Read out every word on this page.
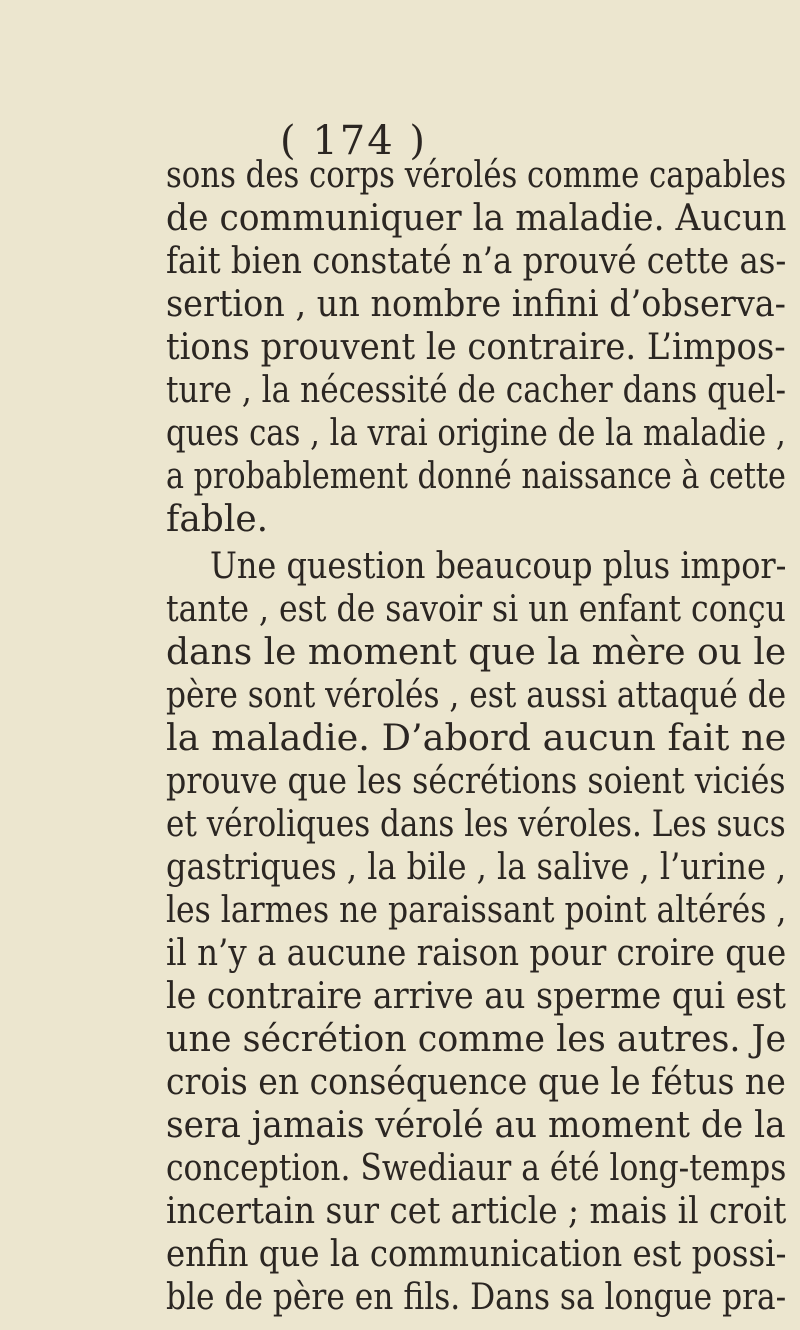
( 174 )
sons des corps vérolés comme capables
de communiquer la maladie. Aucun
fait bien constaté n’a prouvé cette as-
sertion , un nombre infini d’observa-
tions prouvent le contraire. L’impos-
ture , la nécessité de cacher dans quel-
ques cas , la vrai origine de la maladie ,
a probablement donné naissance à cette
fable.
Une question beaucoup plus impor-
tante , est de savoir si un enfant conçu
dans le moment que la mère ou le
père sont vérolés , est aussi attaqué de
la maladie. D’abord aucun fait ne
prouve que les sécrétions soient viciés
et véroliques dans les véroles. Les sucs
gastriques , la bile , la salive , l’urine ,
les larmes ne paraissant point altérés ,
il n’y a aucune raison pour croire que
le contraire arrive au sperme qui est
une sécrétion comme les autres. Je
crois en conséquence que le fétus ne
sera jamais vérolé au moment de la
conception. Swediaur a été long-temps
incertain sur cet article ; mais il croit
enfin que la communication est possi-
ble de père en fils. Dans sa longue pra-
